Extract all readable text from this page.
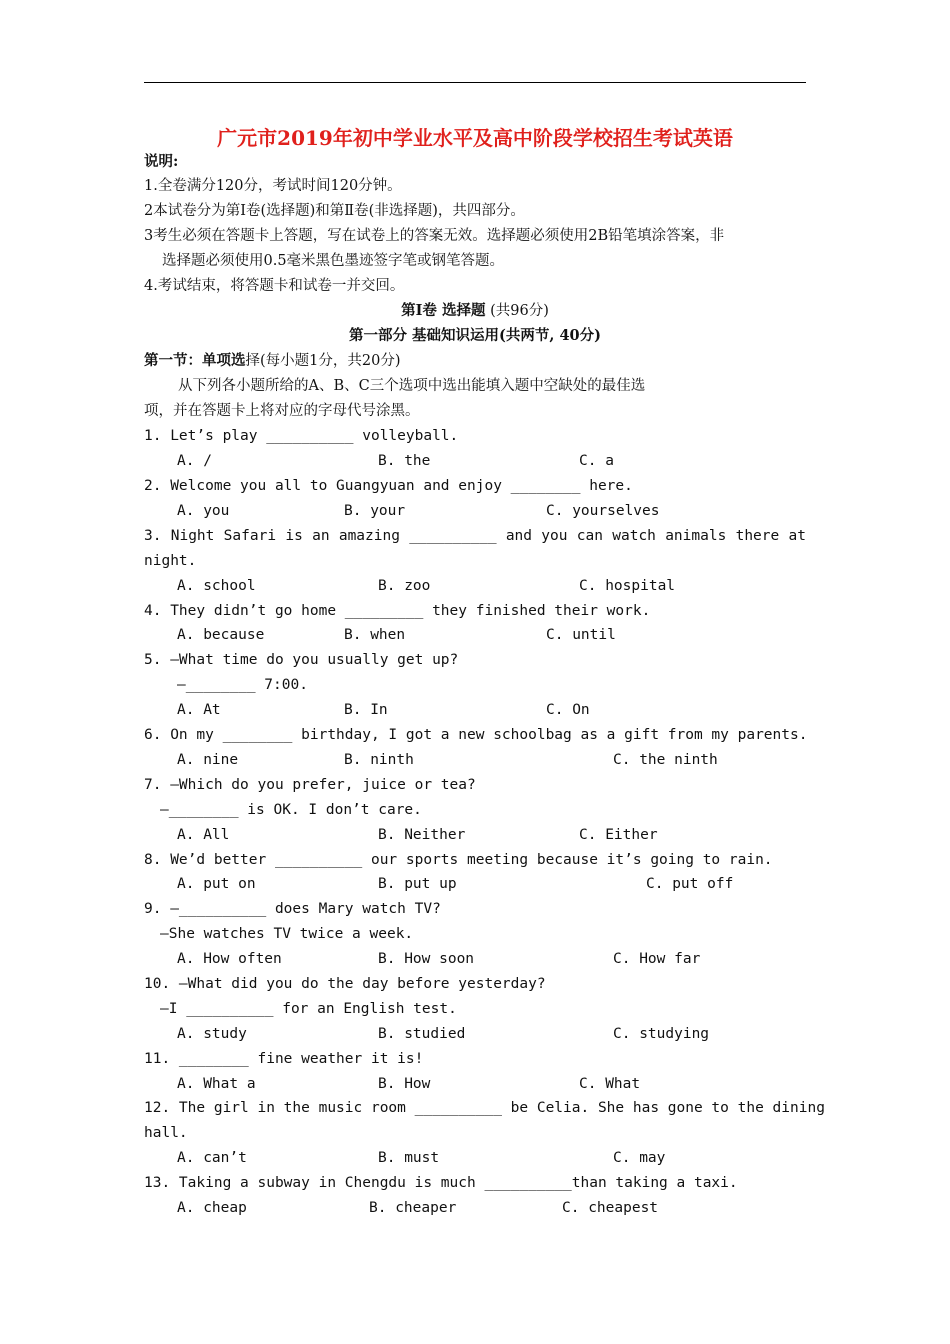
广元市2019年初中学业水平及高中阶段学校招生考试英语
说明:
1.全卷满分120分，考试时间120分钟。
2本试卷分为第Ⅰ卷(选择题)和第Ⅱ卷(非选择题)，共四部分。
3考生必须在答题卡上答题，写在试卷上的答案无效。选择题必须使用2B铅笔填涂答案，非
选择题必须使用0.5毫米黑色墨迹签字笔或钢笔答题。
4.考试结束，将答题卡和试卷一并交回。
第Ⅰ卷 选择题 (共96分)
第一部分 基础知识运用(共两节, 40分)
第一节：单项选择(每小题1分，共20分)
从下列各小题所给的A、B、C三个选项中选出能填入题中空缺处的最佳选
项，并在答题卡上将对应的字母代号涂黑。
1. Let’s play __________ volleyball.
A. /	B. the	C. a
2. Welcome you all to Guangyuan and enjoy ________ here.
A. you	B. your	C. yourselves
3. Night Safari is an amazing __________ and you can watch animals there at
night.
A. school	B. zoo	C. hospital
4. They didn’t go home _________ they finished their work.
A. because	B. when	C. until
5. —What time do you usually get up?
—________ 7:00.
A. At	B. In	C. On
6. On my ________ birthday, I got a new schoolbag as a gift from my parents.
A. nine	B. ninth	C. the ninth
7. —Which do you prefer, juice or tea?
—________ is OK. I don’t care.
A. All	B. Neither	C. Either
8. We’d better __________ our sports meeting because it’s going to rain.
A. put on	B. put up	C. put off
9. —__________ does Mary watch TV?
—She watches TV twice a week.
A. How often	B. How soon	C. How far
10. —What did you do the day before yesterday?
—I __________ for an English test.
A. study	B. studied	C. studying
11. ________ fine weather it is!
A. What a	B. How	C. What
12. The girl in the music room __________ be Celia. She has gone to the dining
hall.
A. can’t	B. must	C. may
13. Taking a subway in Chengdu is much __________than taking a taxi.
A. cheap	B. cheaper	C. cheapest
